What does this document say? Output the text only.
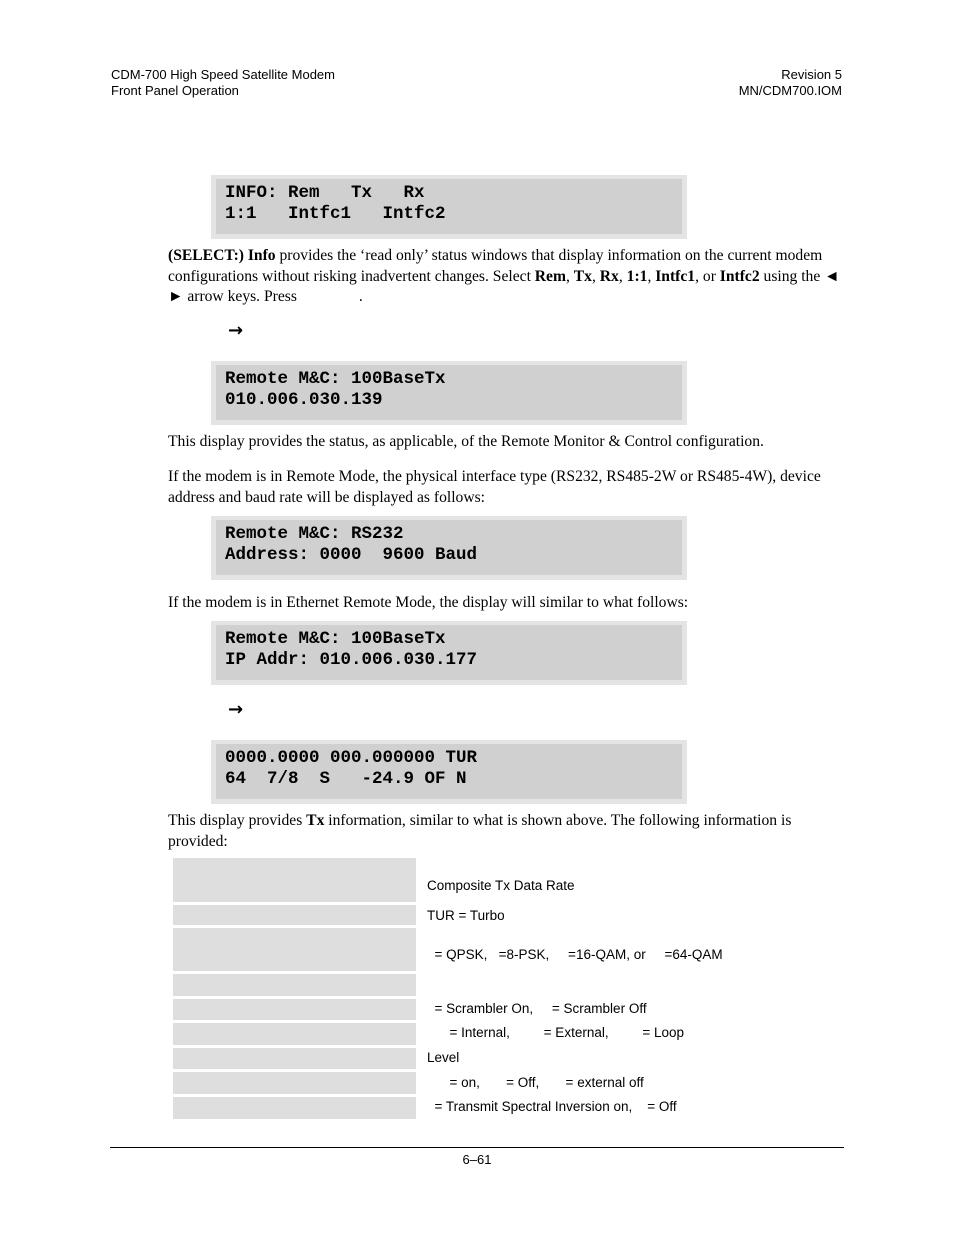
CDM-700 High Speed Satellite Modem
Front Panel Operation
Revision 5
MN/CDM700.IOM
INFO: Rem   Tx   Rx
1:1   Intfc1   Intfc2
(SELECT:) Info provides the ‘read only’ status windows that display information on the current modem configurations without risking inadvertent changes. Select Rem, Tx, Rx, 1:1, Intfc1, or Intfc2 using the ◄ ► arrow keys. Press	.
→
Remote M&C: 100BaseTx
010.006.030.139
This display provides the status, as applicable, of the Remote Monitor & Control configuration.
If the modem is in Remote Mode, the physical interface type (RS232, RS485-2W or RS485-4W), device address and baud rate will be displayed as follows:
Remote M&C: RS232
Address: 0000  9600 Baud
If the modem is in Ethernet Remote Mode, the display will similar to what follows:
Remote M&C: 100BaseTx
IP Addr: 010.006.030.177
→
0000.0000 000.000000 TUR
64  7/8  S   -24.9 OF N
This display provides Tx information, similar to what is shown above. The following information is provided:
Composite Tx Data Rate
TUR = Turbo
= QPSK,   =8-PSK,     =16-QAM, or     =64-QAM
= Scrambler On,     = Scrambler Off
= Internal,         = External,         = Loop
Level
= on,       = Off,       = external off
= Transmit Spectral Inversion on,    = Off
6–61
